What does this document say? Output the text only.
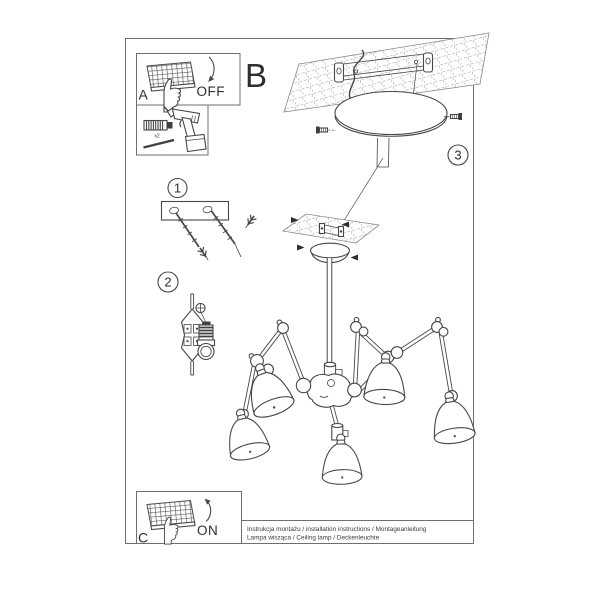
3
B
OFF
A
x2
1
2
ON
C	Instrukcja montażu / installation instructions / Montageanleitung
Lampa wisząca / Ceiling lamp / Deckenleuchte
